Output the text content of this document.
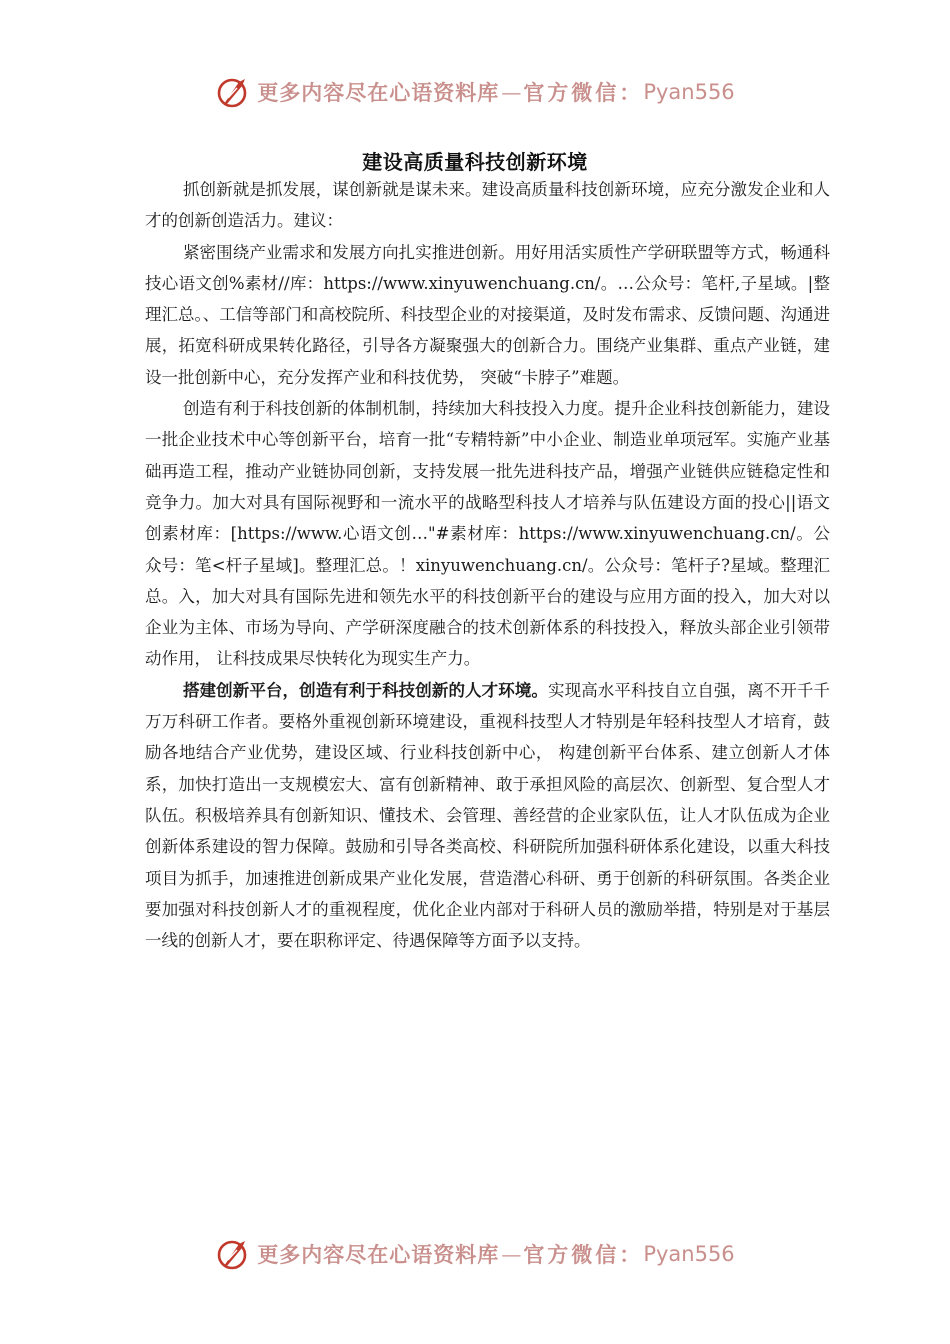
更多内容尽在心语资料库 — 官方微信： Pyan556
建设高质量科技创新环境

抓创新就是抓发展，谋创新就是谋未来。建设高质量科技创新环境，应充分激发企业和人才的创新创造活力。建议：

紧密围绕产业需求和发展方向扎实推进创新。用好用活实质性产学研联盟等方式，畅通科技心语文创%素材//库：https://www.xinyuwenchuang.cn/。…公众号：笔杆,子星域。|整理汇总。、工信等部门和高校院所、科技型企业的对接渠道，及时发布需求、反馈问题、沟通进展，拓宽科研成果转化路径，引导各方凝聚强大的创新合力。围绕产业集群、重点产业链，建设一批创新中心，充分发挥产业和科技优势， 突破“卡脖子”难题。

创造有利于科技创新的体制机制，持续加大科技投入力度。提升企业科技创新能力，建设一批企业技术中心等创新平台，培育一批“专精特新”中小企业、制造业单项冠军。实施产业基础再造工程，推动产业链协同创新，支持发展一批先进科技产品，增强产业链供应链稳定性和竞争力。加大对具有国际视野和一流水平的战略型科技人才培养与队伍建设方面的投心||语文创素材库：[https://www.心语文创…"#素材库：https://www.xinyuwenchuang.cn/。公众号：笔<杆子星域]。整理汇总。！xinyuwenchuang.cn/。公众号：笔杆子?星域。整理汇总。入，加大对具有国际先进和领先水平的科技创新平台的建设与应用方面的投入，加大对以企业为主体、市场为导向、产学研深度融合的技术创新体系的科技投入，释放头部企业引领带动作用， 让科技成果尽快转化为现实生产力。

搭建创新平台，创造有利于科技创新的人才环境。实现高水平科技自立自强，离不开千千万万科研工作者。要格外重视创新环境建设，重视科技型人才特别是年轻科技型人才培育，鼓励各地结合产业优势，建设区域、行业科技创新中心， 构建创新平台体系、建立创新人才体系，加快打造出一支规模宏大、富有创新精神、敢于承担风险的高层次、创新型、复合型人才队伍。积极培养具有创新知识、懂技术、会管理、善经营的企业家队伍，让人才队伍成为企业创新体系建设的智力保障。鼓励和引导各类高校、科研院所加强科研体系化建设，以重大科技项目为抓手，加速推进创新成果产业化发展，营造潜心科研、勇于创新的科研氛围。各类企业要加强对科技创新人才的重视程度，优化企业内部对于科研人员的激励举措，特别是对于基层一线的创新人才，要在职称评定、待遇保障等方面予以支持。

更多内容尽在心语资料库 — 官方微信： Pyan556
